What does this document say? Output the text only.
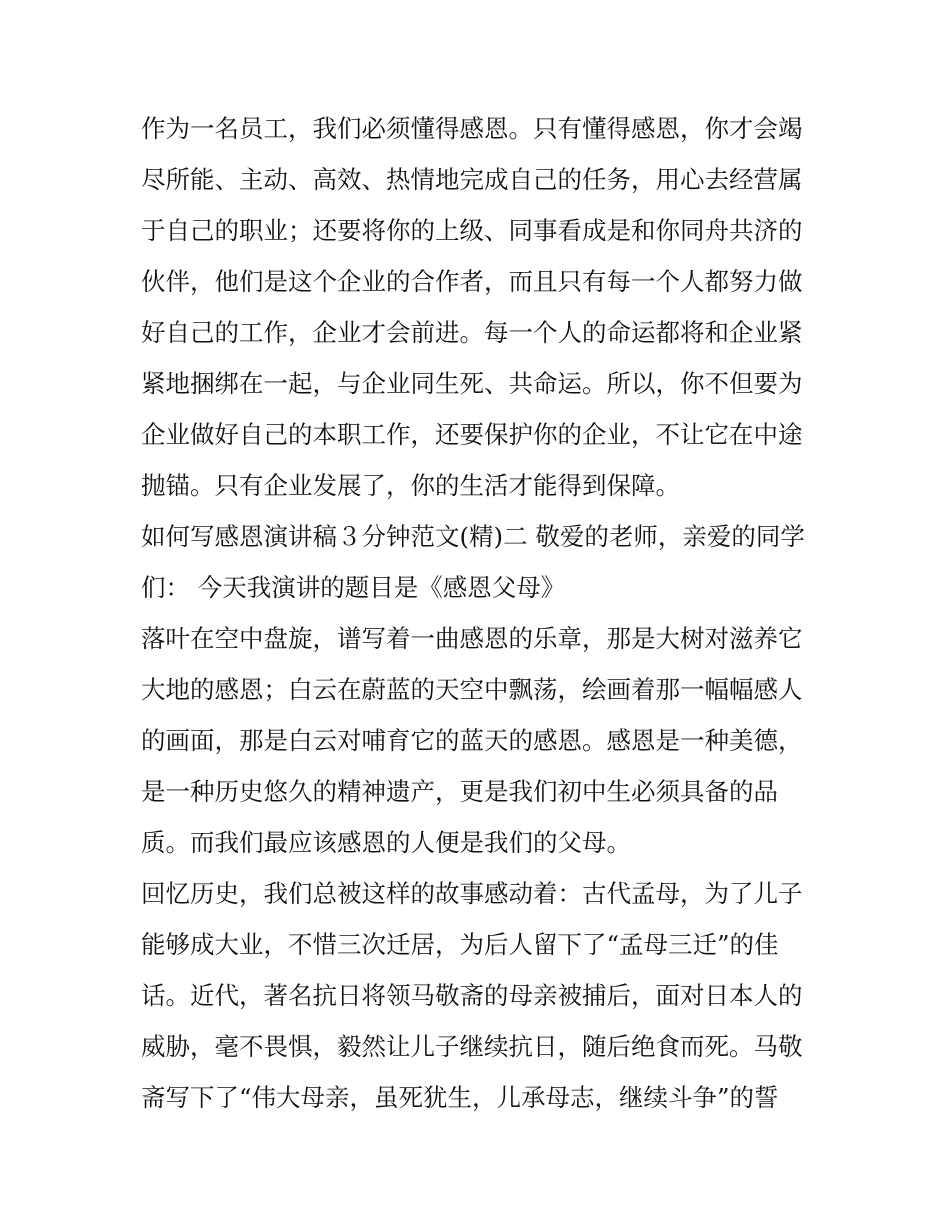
作为一名员工，我们必须懂得感恩。只有懂得感恩，你才会竭
尽所能、主动、高效、热情地完成自己的任务，用心去经营属
于自己的职业；还要将你的上级、同事看成是和你同舟共济的
伙伴，他们是这个企业的合作者，而且只有每一个人都努力做
好自己的工作，企业才会前进。每一个人的命运都将和企业紧
紧地捆绑在一起，与企业同生死、共命运。所以，你不但要为
企业做好自己的本职工作，还要保护你的企业，不让它在中途
抛锚。只有企业发展了，你的生活才能得到保障。
如何写感恩演讲稿３分钟范文(精)二 敬爱的老师，亲爱的同学
们： 今天我演讲的题目是《感恩父母》
落叶在空中盘旋，谱写着一曲感恩的乐章，那是大树对滋养它
大地的感恩；白云在蔚蓝的天空中飘荡，绘画着那一幅幅感人
的画面，那是白云对哺育它的蓝天的感恩。感恩是一种美德，
是一种历史悠久的精神遗产，更是我们初中生必须具备的品
质。而我们最应该感恩的人便是我们的父母。
回忆历史，我们总被这样的故事感动着：古代孟母，为了儿子
能够成大业，不惜三次迁居，为后人留下了“孟母三迁”的佳
话。近代，著名抗日将领马敬斋的母亲被捕后，面对日本人的
威胁，毫不畏惧，毅然让儿子继续抗日，随后绝食而死。马敬
斋写下了“伟大母亲，虽死犹生，儿承母志，继续斗争”的誓
